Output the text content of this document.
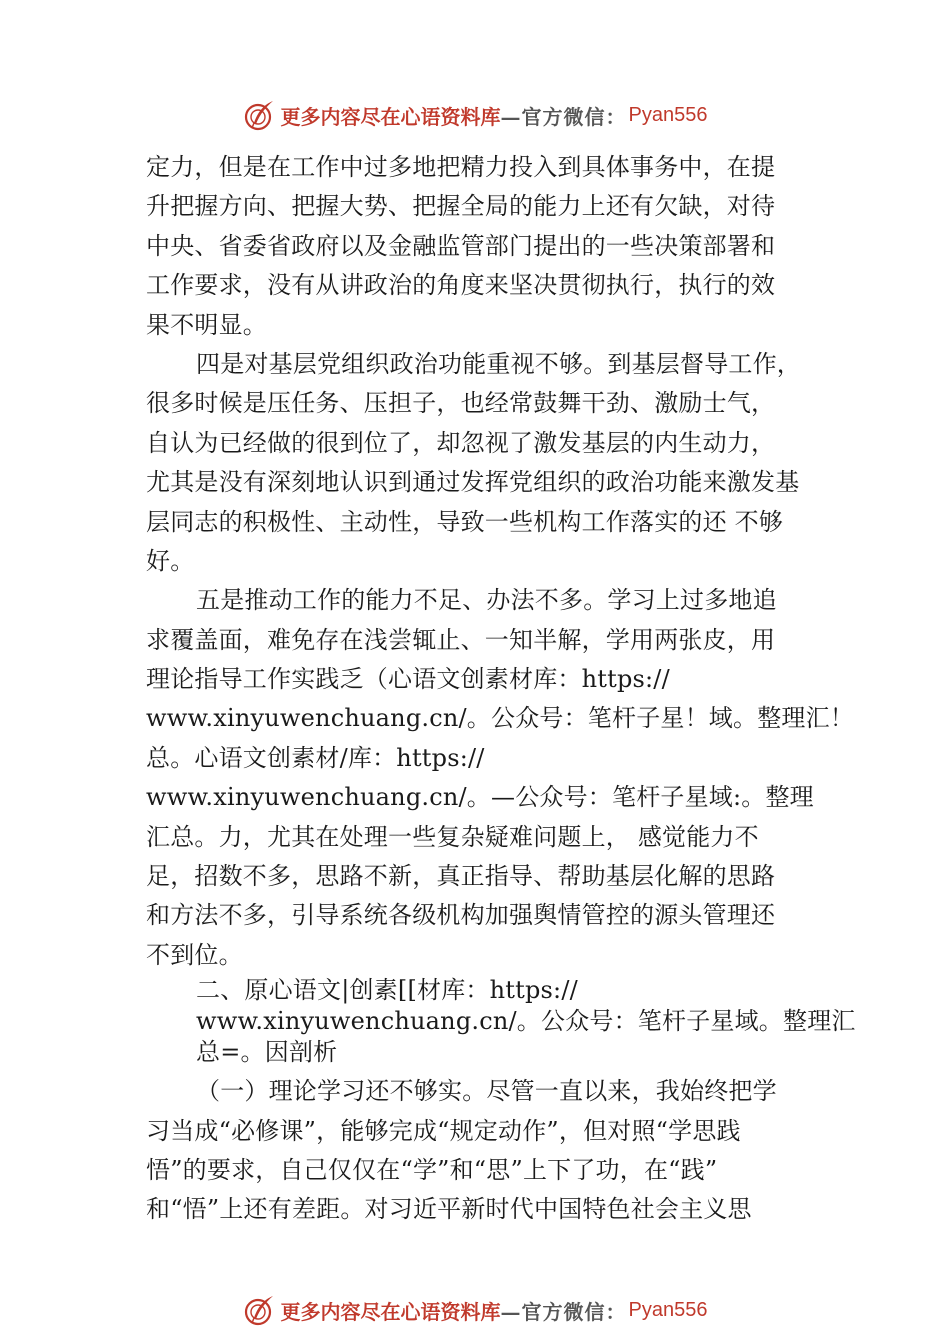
更多内容尽在心语资料库 —官方微信： Pyan556
定力，但是在工作中过多地把精力投入到具体事务中，在提
升把握方向、把握大势、把握全局的能力上还有欠缺，对待
中央、省委省政府以及金融监管部门提出的一些决策部署和
工作要求，没有从讲政治的角度来坚决贯彻执行，执行的效
果不明显。
四是对基层党组织政治功能重视不够。到基层督导工作，
很多时候是压任务、压担子，也经常鼓舞干劲、激励士气，
自认为已经做的很到位了，却忽视了激发基层的内生动力，
尤其是没有深刻地认识到通过发挥党组织的政治功能来激发基
层同志的积极性、主动性，导致一些机构工作落实的还 不够
好。
五是推动工作的能力不足、办法不多。学习上过多地追
求覆盖面，难免存在浅尝辄止、一知半解，学用两张皮，用
理论指导工作实践乏（心语文创素材库：https://
www.xinyuwenchuang.cn/。公众号：笔杆子星！域。整理汇！
总。心语文创素材/库：https://
www.xinyuwenchuang.cn/。—公众号：笔杆子星域:。整理
汇总。力，尤其在处理一些复杂疑难问题上， 感觉能力不
足，招数不多，思路不新，真正指导、帮助基层化解的思路
和方法不多，引导系统各级机构加强舆情管控的源头管理还
不到位。
二、原心语文|创素[[材库：https://
www.xinyuwenchuang.cn/。公众号：笔杆子星域。整理汇
总=。因剖析
（一）理论学习还不够实。尽管一直以来，我始终把学
习当成“必修课”，能够完成“规定动作”，但对照“学思践
悟”的要求，自己仅仅在“学”和“思”上下了功，在“践”
和“悟”上还有差距。对习近平新时代中国特色社会主义思
更多内容尽在心语资料库 —官方微信： Pyan556
